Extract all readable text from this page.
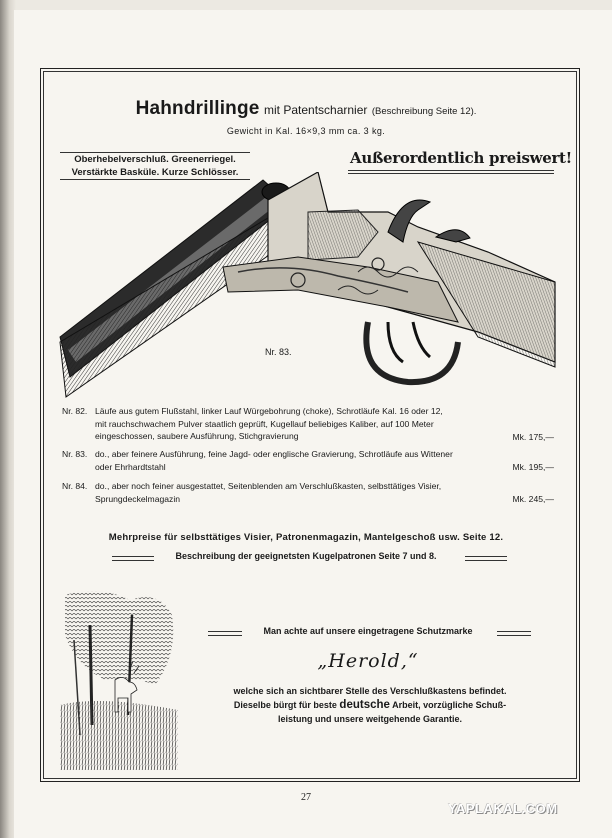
Hahndrillinge mit Patentscharnier (Beschreibung Seite 12).
Gewicht in Kal. 16×9,3 mm ca. 3 kg.
Oberhebelverschluß. Greenerriegel.
Verstärkte Basküle. Kurze Schlösser.
Außerordentlich preiswert!
Nr. 83.
Nr. 82. Läufe aus gutem Flußstahl, linker Lauf Würgebohrung (choke), Schrotläufe Kal. 16 oder 12,
mit rauchschwachem Pulver staatlich geprüft, Kugellauf beliebiges Kaliber, auf 100 Meter
eingeschossen, saubere Ausführung, Stichgravierung	Mk. 175,—
Nr. 83. do., aber feinere Ausführung, feine Jagd- oder englische Gravierung, Schrotläufe aus Wittener
oder Ehrhardtstahl	Mk. 195,—
Nr. 84. do., aber noch feiner ausgestattet, Seitenblenden am Verschlußkasten, selbsttätiges Visier,
Sprungdeckelmagazin	Mk. 245,—
Mehrpreise für selbsttätiges Visier, Patronenmagazin, Mantelgeschoß usw. Seite 12.
Beschreibung der geeignetsten Kugelpatronen Seite 7 und 8.
Man achte auf unsere eingetragene Schutzmarke
„Herold,“
welche sich an sichtbarer Stelle des Verschlußkastens befindet.
Dieselbe bürgt für beste deutsche Arbeit, vorzügliche Schuß-
leistung und unsere weitgehende Garantie.
27
YAPLAKAL.COM
